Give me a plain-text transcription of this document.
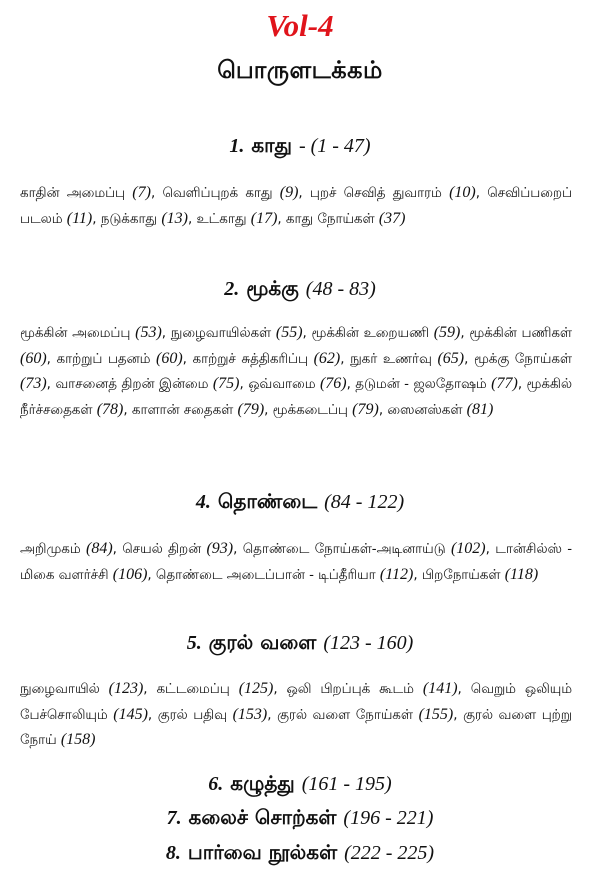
Vol-4
பொருளடக்கம்
1. காது - (1 - 47)
காதின் அமைப்பு (7), வெளிப்புறக் காது (9), புறச் செவித் துவாரம் (10), செவிப்பறைப் படலம் (11), நடுக்காது (13), உட்காது (17), காது நோய்கள் (37)
2. மூக்கு (48 - 83)
மூக்கின் அமைப்பு (53), நுழைவாயில்கள் (55), மூக்கின் உறையணி (59), மூக்கின் பணிகள் (60), காற்றுப் பதனம் (60), காற்றுச் சுத்திகரிப்பு (62), நுகர் உணர்வு (65), மூக்கு நோய்கள் (73), வாசனைத் திறன் இன்மை (75), ஒவ்வாமை (76), தடுமன் - ஜலதோஷம் (77), மூக்கில் நீர்ச்சதைகள் (78), காளான் சதைகள் (79), மூக்கடைப்பு (79), ஸைனஸ்கள் (81)
4. தொண்டை (84 - 122)
அறிமுகம் (84), செயல் திறன் (93), தொண்டை நோய்கள்-அடினாய்டு (102), டான்சில்ஸ் - மிகை வளர்ச்சி (106), தொண்டை அடைப்பான் - டிப்தீரியா (112), பிறநோய்கள் (118)
5. குரல் வளை (123 - 160)
நுழைவாயில் (123), கட்டமைப்பு (125), ஒலி பிறப்புக் கூடம் (141), வெறும் ஒலியும் பேச்சொலியும் (145), குரல் பதிவு (153), குரல் வளை நோய்கள் (155), குரல் வளை புற்று நோய் (158)
6. கழுத்து (161 - 195)
7. கலைச் சொற்கள் (196 - 221)
8. பார்வை நூல்கள் (222 - 225)
